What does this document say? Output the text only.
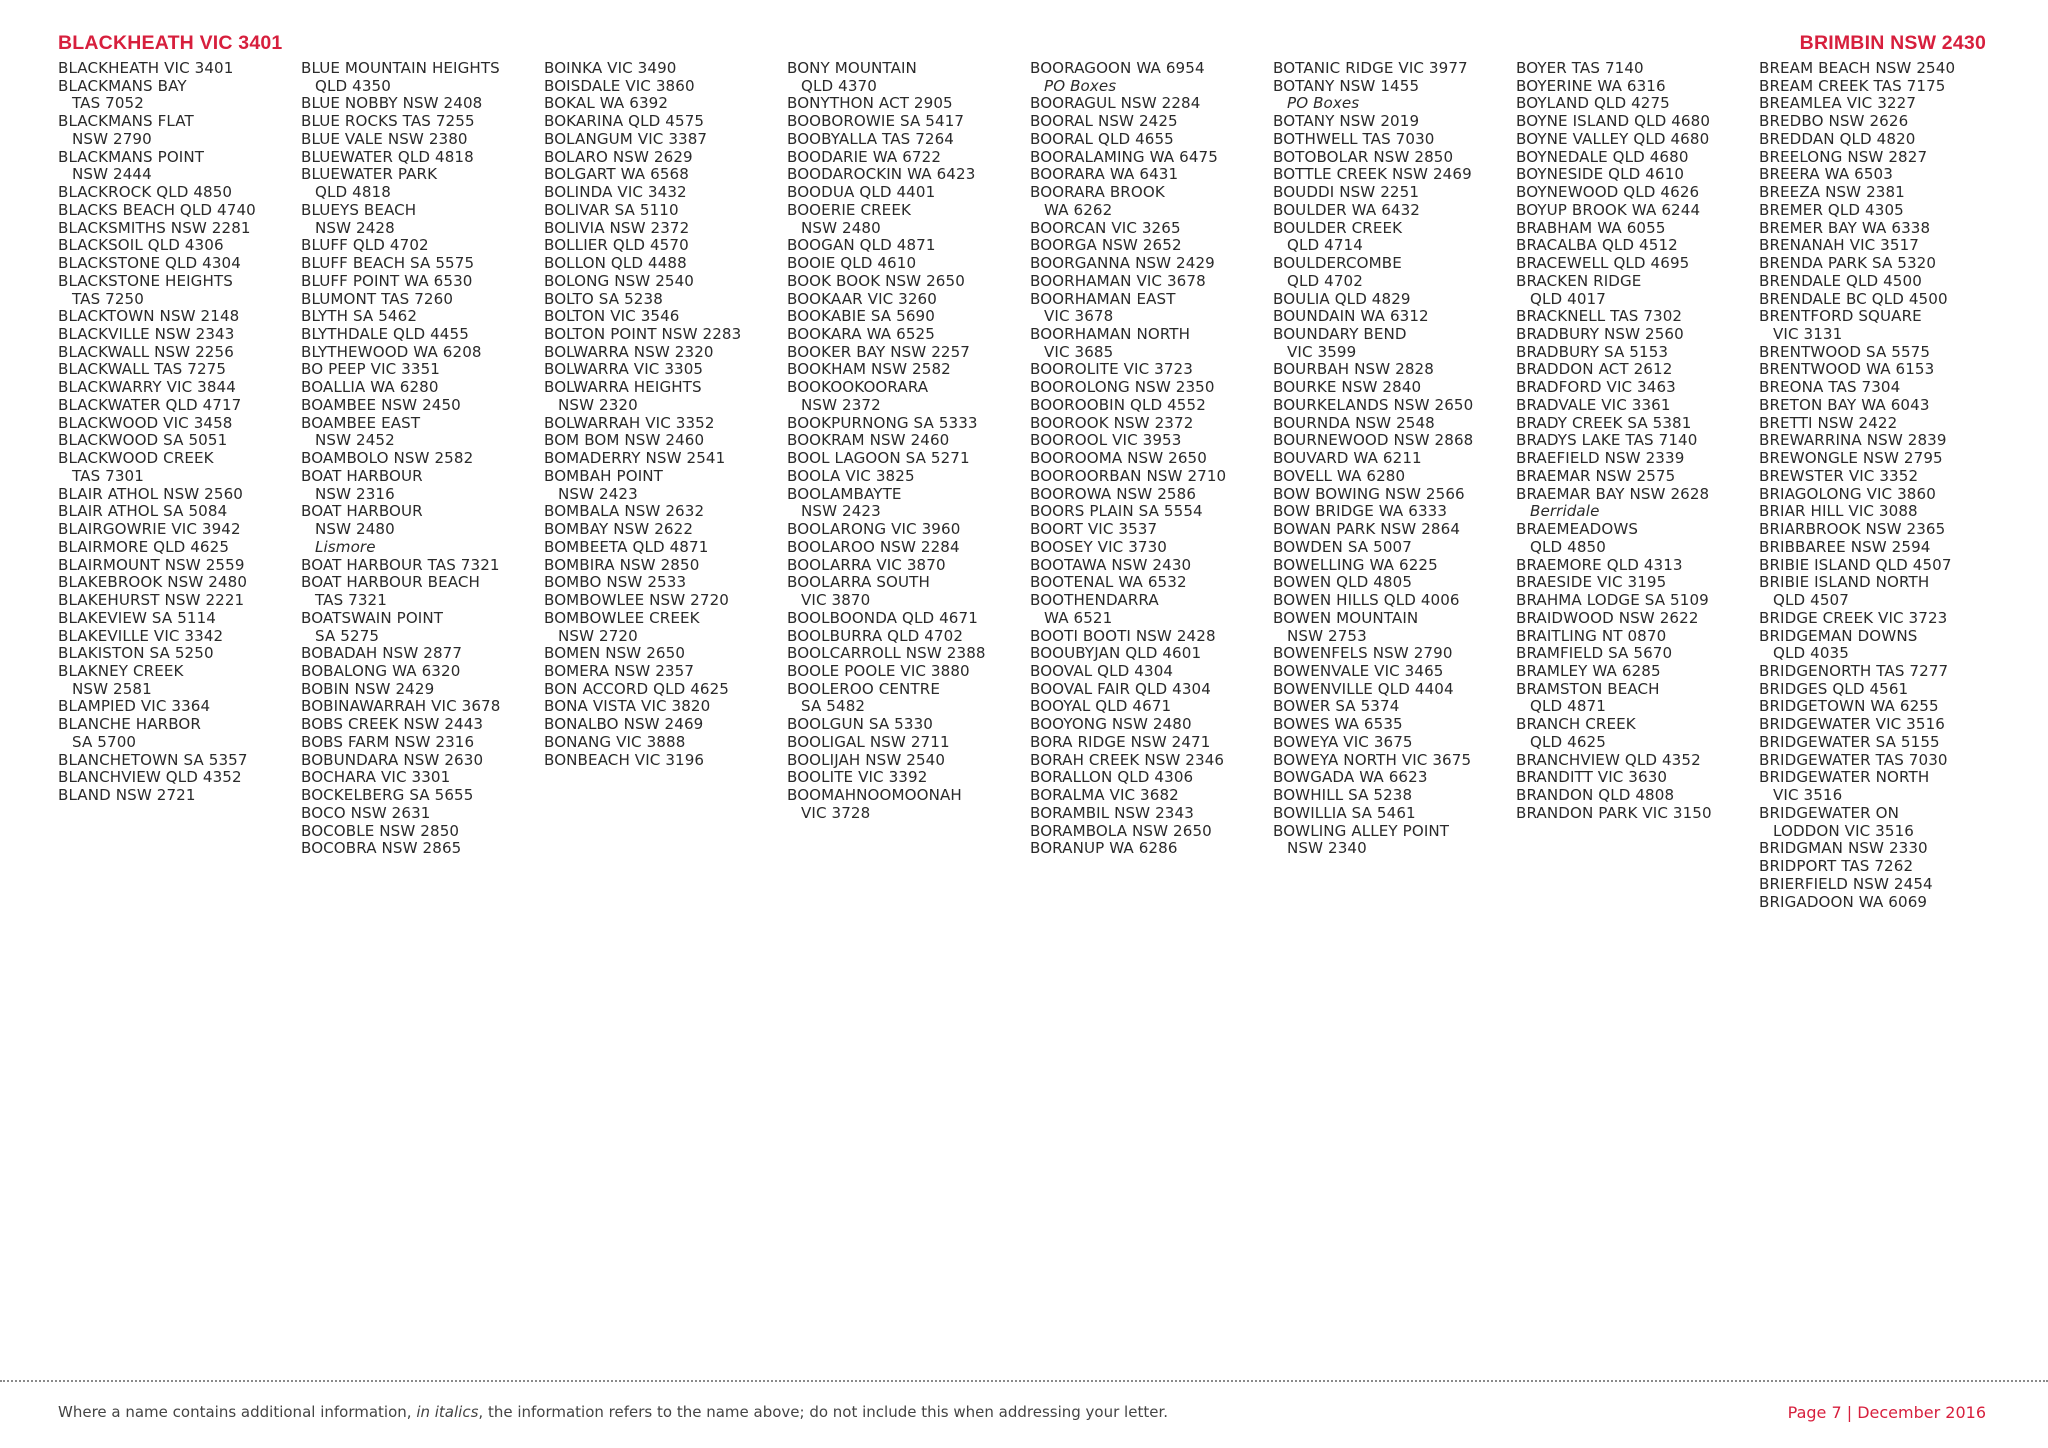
BLACKHEATH VIC 3401	BRIMBIN NSW 2430
BLACKHEATH VIC 3401
BLACKMANS BAY
TAS 7052
BLACKMANS FLAT
NSW 2790
BLACKMANS POINT
NSW 2444
BLACKROCK QLD 4850
BLACKS BEACH QLD 4740
BLACKSMITHS NSW 2281
BLACKSOIL QLD 4306
BLACKSTONE QLD 4304
BLACKSTONE HEIGHTS
TAS 7250
BLACKTOWN NSW 2148
BLACKVILLE NSW 2343
BLACKWALL NSW 2256
BLACKWALL TAS 7275
BLACKWARRY VIC 3844
BLACKWATER QLD 4717
BLACKWOOD VIC 3458
BLACKWOOD SA 5051
BLACKWOOD CREEK
TAS 7301
BLAIR ATHOL NSW 2560
BLAIR ATHOL SA 5084
BLAIRGOWRIE VIC 3942
BLAIRMORE QLD 4625
BLAIRMOUNT NSW 2559
BLAKEBROOK NSW 2480
BLAKEHURST NSW 2221
BLAKEVIEW SA 5114
BLAKEVILLE VIC 3342
BLAKISTON SA 5250
BLAKNEY CREEK
NSW 2581
BLAMPIED VIC 3364
BLANCHE HARBOR
SA 5700
BLANCHETOWN SA 5357
BLANCHVIEW QLD 4352
BLAND NSW 2721
BLUE MOUNTAIN HEIGHTS
QLD 4350
BLUE NOBBY NSW 2408
BLUE ROCKS TAS 7255
BLUE VALE NSW 2380
BLUEWATER QLD 4818
BLUEWATER PARK
QLD 4818
BLUEYS BEACH
NSW 2428
BLUFF QLD 4702
BLUFF BEACH SA 5575
BLUFF POINT WA 6530
BLUMONT TAS 7260
BLYTH SA 5462
BLYTHDALE QLD 4455
BLYTHEWOOD WA 6208
BO PEEP VIC 3351
BOALLIA WA 6280
BOAMBEE NSW 2450
BOAMBEE EAST
NSW 2452
BOAMBOLO NSW 2582
BOAT HARBOUR
NSW 2316
BOAT HARBOUR
NSW 2480
Lismore
BOAT HARBOUR TAS 7321
BOAT HARBOUR BEACH
TAS 7321
BOATSWAIN POINT
SA 5275
BOBADAH NSW 2877
BOBALONG WA 6320
BOBIN NSW 2429
BOBINAWARRAH VIC 3678
BOBS CREEK NSW 2443
BOBS FARM NSW 2316
BOBUNDARA NSW 2630
BOCHARA VIC 3301
BOCKELBERG SA 5655
BOCO NSW 2631
BOCOBLE NSW 2850
BOCOBRA NSW 2865
BOINKA VIC 3490
BOISDALE VIC 3860
BOKAL WA 6392
BOKARINA QLD 4575
BOLANGUM VIC 3387
BOLARO NSW 2629
BOLGART WA 6568
BOLINDA VIC 3432
BOLIVAR SA 5110
BOLIVIA NSW 2372
BOLLIER QLD 4570
BOLLON QLD 4488
BOLONG NSW 2540
BOLTO SA 5238
BOLTON VIC 3546
BOLTON POINT NSW 2283
BOLWARRA NSW 2320
BOLWARRA VIC 3305
BOLWARRA HEIGHTS
NSW 2320
BOLWARRAH VIC 3352
BOM BOM NSW 2460
BOMADERRY NSW 2541
BOMBAH POINT
NSW 2423
BOMBALA NSW 2632
BOMBAY NSW 2622
BOMBEETA QLD 4871
BOMBIRA NSW 2850
BOMBO NSW 2533
BOMBOWLEE NSW 2720
BOMBOWLEE CREEK
NSW 2720
BOMEN NSW 2650
BOMERA NSW 2357
BON ACCORD QLD 4625
BONA VISTA VIC 3820
BONALBO NSW 2469
BONANG VIC 3888
BONBEACH VIC 3196
BONY MOUNTAIN
QLD 4370
BONYTHON ACT 2905
BOOBOROWIE SA 5417
BOOBYALLA TAS 7264
BOODARIE WA 6722
BOODAROCKIN WA 6423
BOODUA QLD 4401
BOOERIE CREEK
NSW 2480
BOOGAN QLD 4871
BOOIE QLD 4610
BOOK BOOK NSW 2650
BOOKAAR VIC 3260
BOOKABIE SA 5690
BOOKARA WA 6525
BOOKER BAY NSW 2257
BOOKHAM NSW 2582
BOOKOOKOORARA
NSW 2372
BOOKPURNONG SA 5333
BOOKRAM NSW 2460
BOOL LAGOON SA 5271
BOOLA VIC 3825
BOOLAMBAYTE
NSW 2423
BOOLARONG VIC 3960
BOOLAROO NSW 2284
BOOLARRA VIC 3870
BOOLARRA SOUTH
VIC 3870
BOOLBOONDA QLD 4671
BOOLBURRA QLD 4702
BOOLCARROLL NSW 2388
BOOLE POOLE VIC 3880
BOOLEROO CENTRE
SA 5482
BOOLGUN SA 5330
BOOLIGAL NSW 2711
BOOLIJAH NSW 2540
BOOLITE VIC 3392
BOOMAHNOOMOONAH
VIC 3728
BOORAGOON WA 6954
PO Boxes
BOORAGUL NSW 2284
BOORAL NSW 2425
BOORAL QLD 4655
BOORALAMING WA 6475
BOORARA WA 6431
BOORARA BROOK
WA 6262
BOORCAN VIC 3265
BOORGA NSW 2652
BOORGANNA NSW 2429
BOORHAMAN VIC 3678
BOORHAMAN EAST
VIC 3678
BOORHAMAN NORTH
VIC 3685
BOOROLITE VIC 3723
BOOROLONG NSW 2350
BOOROOBIN QLD 4552
BOOROOK NSW 2372
BOOROOL VIC 3953
BOOROOMA NSW 2650
BOOROORBAN NSW 2710
BOOROWA NSW 2586
BOORS PLAIN SA 5554
BOORT VIC 3537
BOOSEY VIC 3730
BOOTAWA NSW 2430
BOOTENAL WA 6532
BOOTHENDARRA
WA 6521
BOOTI BOOTI NSW 2428
BOOUBYJAN QLD 4601
BOOVAL QLD 4304
BOOVAL FAIR QLD 4304
BOOYAL QLD 4671
BOOYONG NSW 2480
BORA RIDGE NSW 2471
BORAH CREEK NSW 2346
BORALLON QLD 4306
BORALMA VIC 3682
BORAMBIL NSW 2343
BORAMBOLA NSW 2650
BORANUP WA 6286
BOTANIC RIDGE VIC 3977
BOTANY NSW 1455
PO Boxes
BOTANY NSW 2019
BOTHWELL TAS 7030
BOTOBOLAR NSW 2850
BOTTLE CREEK NSW 2469
BOUDDI NSW 2251
BOULDER WA 6432
BOULDER CREEK
QLD 4714
BOULDERCOMBE
QLD 4702
BOULIA QLD 4829
BOUNDAIN WA 6312
BOUNDARY BEND
VIC 3599
BOURBAH NSW 2828
BOURKE NSW 2840
BOURKELANDS NSW 2650
BOURNDA NSW 2548
BOURNEWOOD NSW 2868
BOUVARD WA 6211
BOVELL WA 6280
BOW BOWING NSW 2566
BOW BRIDGE WA 6333
BOWAN PARK NSW 2864
BOWDEN SA 5007
BOWELLING WA 6225
BOWEN QLD 4805
BOWEN HILLS QLD 4006
BOWEN MOUNTAIN
NSW 2753
BOWENFELS NSW 2790
BOWENVALE VIC 3465
BOWENVILLE QLD 4404
BOWER SA 5374
BOWES WA 6535
BOWEYA VIC 3675
BOWEYA NORTH VIC 3675
BOWGADA WA 6623
BOWHILL SA 5238
BOWILLIA SA 5461
BOWLING ALLEY POINT
NSW 2340
BOYER TAS 7140
BOYERINE WA 6316
BOYLAND QLD 4275
BOYNE ISLAND QLD 4680
BOYNE VALLEY QLD 4680
BOYNEDALE QLD 4680
BOYNESIDE QLD 4610
BOYNEWOOD QLD 4626
BOYUP BROOK WA 6244
BRABHAM WA 6055
BRACALBA QLD 4512
BRACEWELL QLD 4695
BRACKEN RIDGE
QLD 4017
BRACKNELL TAS 7302
BRADBURY NSW 2560
BRADBURY SA 5153
BRADDON ACT 2612
BRADFORD VIC 3463
BRADVALE VIC 3361
BRADY CREEK SA 5381
BRADYS LAKE TAS 7140
BRAEFIELD NSW 2339
BRAEMAR NSW 2575
BRAEMAR BAY NSW 2628
Berridale
BRAEMEADOWS
QLD 4850
BRAEMORE QLD 4313
BRAESIDE VIC 3195
BRAHMA LODGE SA 5109
BRAIDWOOD NSW 2622
BRAITLING NT 0870
BRAMFIELD SA 5670
BRAMLEY WA 6285
BRAMSTON BEACH
QLD 4871
BRANCH CREEK
QLD 4625
BRANCHVIEW QLD 4352
BRANDITT VIC 3630
BRANDON QLD 4808
BRANDON PARK VIC 3150
BREAM BEACH NSW 2540
BREAM CREEK TAS 7175
BREAMLEA VIC 3227
BREDBO NSW 2626
BREDDAN QLD 4820
BREELONG NSW 2827
BREERA WA 6503
BREEZA NSW 2381
BREMER QLD 4305
BREMER BAY WA 6338
BRENANAH VIC 3517
BRENDA PARK SA 5320
BRENDALE QLD 4500
BRENDALE BC QLD 4500
BRENTFORD SQUARE
VIC 3131
BRENTWOOD SA 5575
BRENTWOOD WA 6153
BREONA TAS 7304
BRETON BAY WA 6043
BRETTI NSW 2422
BREWARRINA NSW 2839
BREWONGLE NSW 2795
BREWSTER VIC 3352
BRIAGOLONG VIC 3860
BRIAR HILL VIC 3088
BRIARBROOK NSW 2365
BRIBBAREE NSW 2594
BRIBIE ISLAND QLD 4507
BRIBIE ISLAND NORTH
QLD 4507
BRIDGE CREEK VIC 3723
BRIDGEMAN DOWNS
QLD 4035
BRIDGENORTH TAS 7277
BRIDGES QLD 4561
BRIDGETOWN WA 6255
BRIDGEWATER VIC 3516
BRIDGEWATER SA 5155
BRIDGEWATER TAS 7030
BRIDGEWATER NORTH
VIC 3516
BRIDGEWATER ON
LODDON VIC 3516
BRIDGMAN NSW 2330
BRIDPORT TAS 7262
BRIERFIELD NSW 2454
BRIGADOON WA 6069
Where a name contains additional information, in italics, the information refers to the name above; do not include this when addressing your letter.	Page 7 | December 2016
